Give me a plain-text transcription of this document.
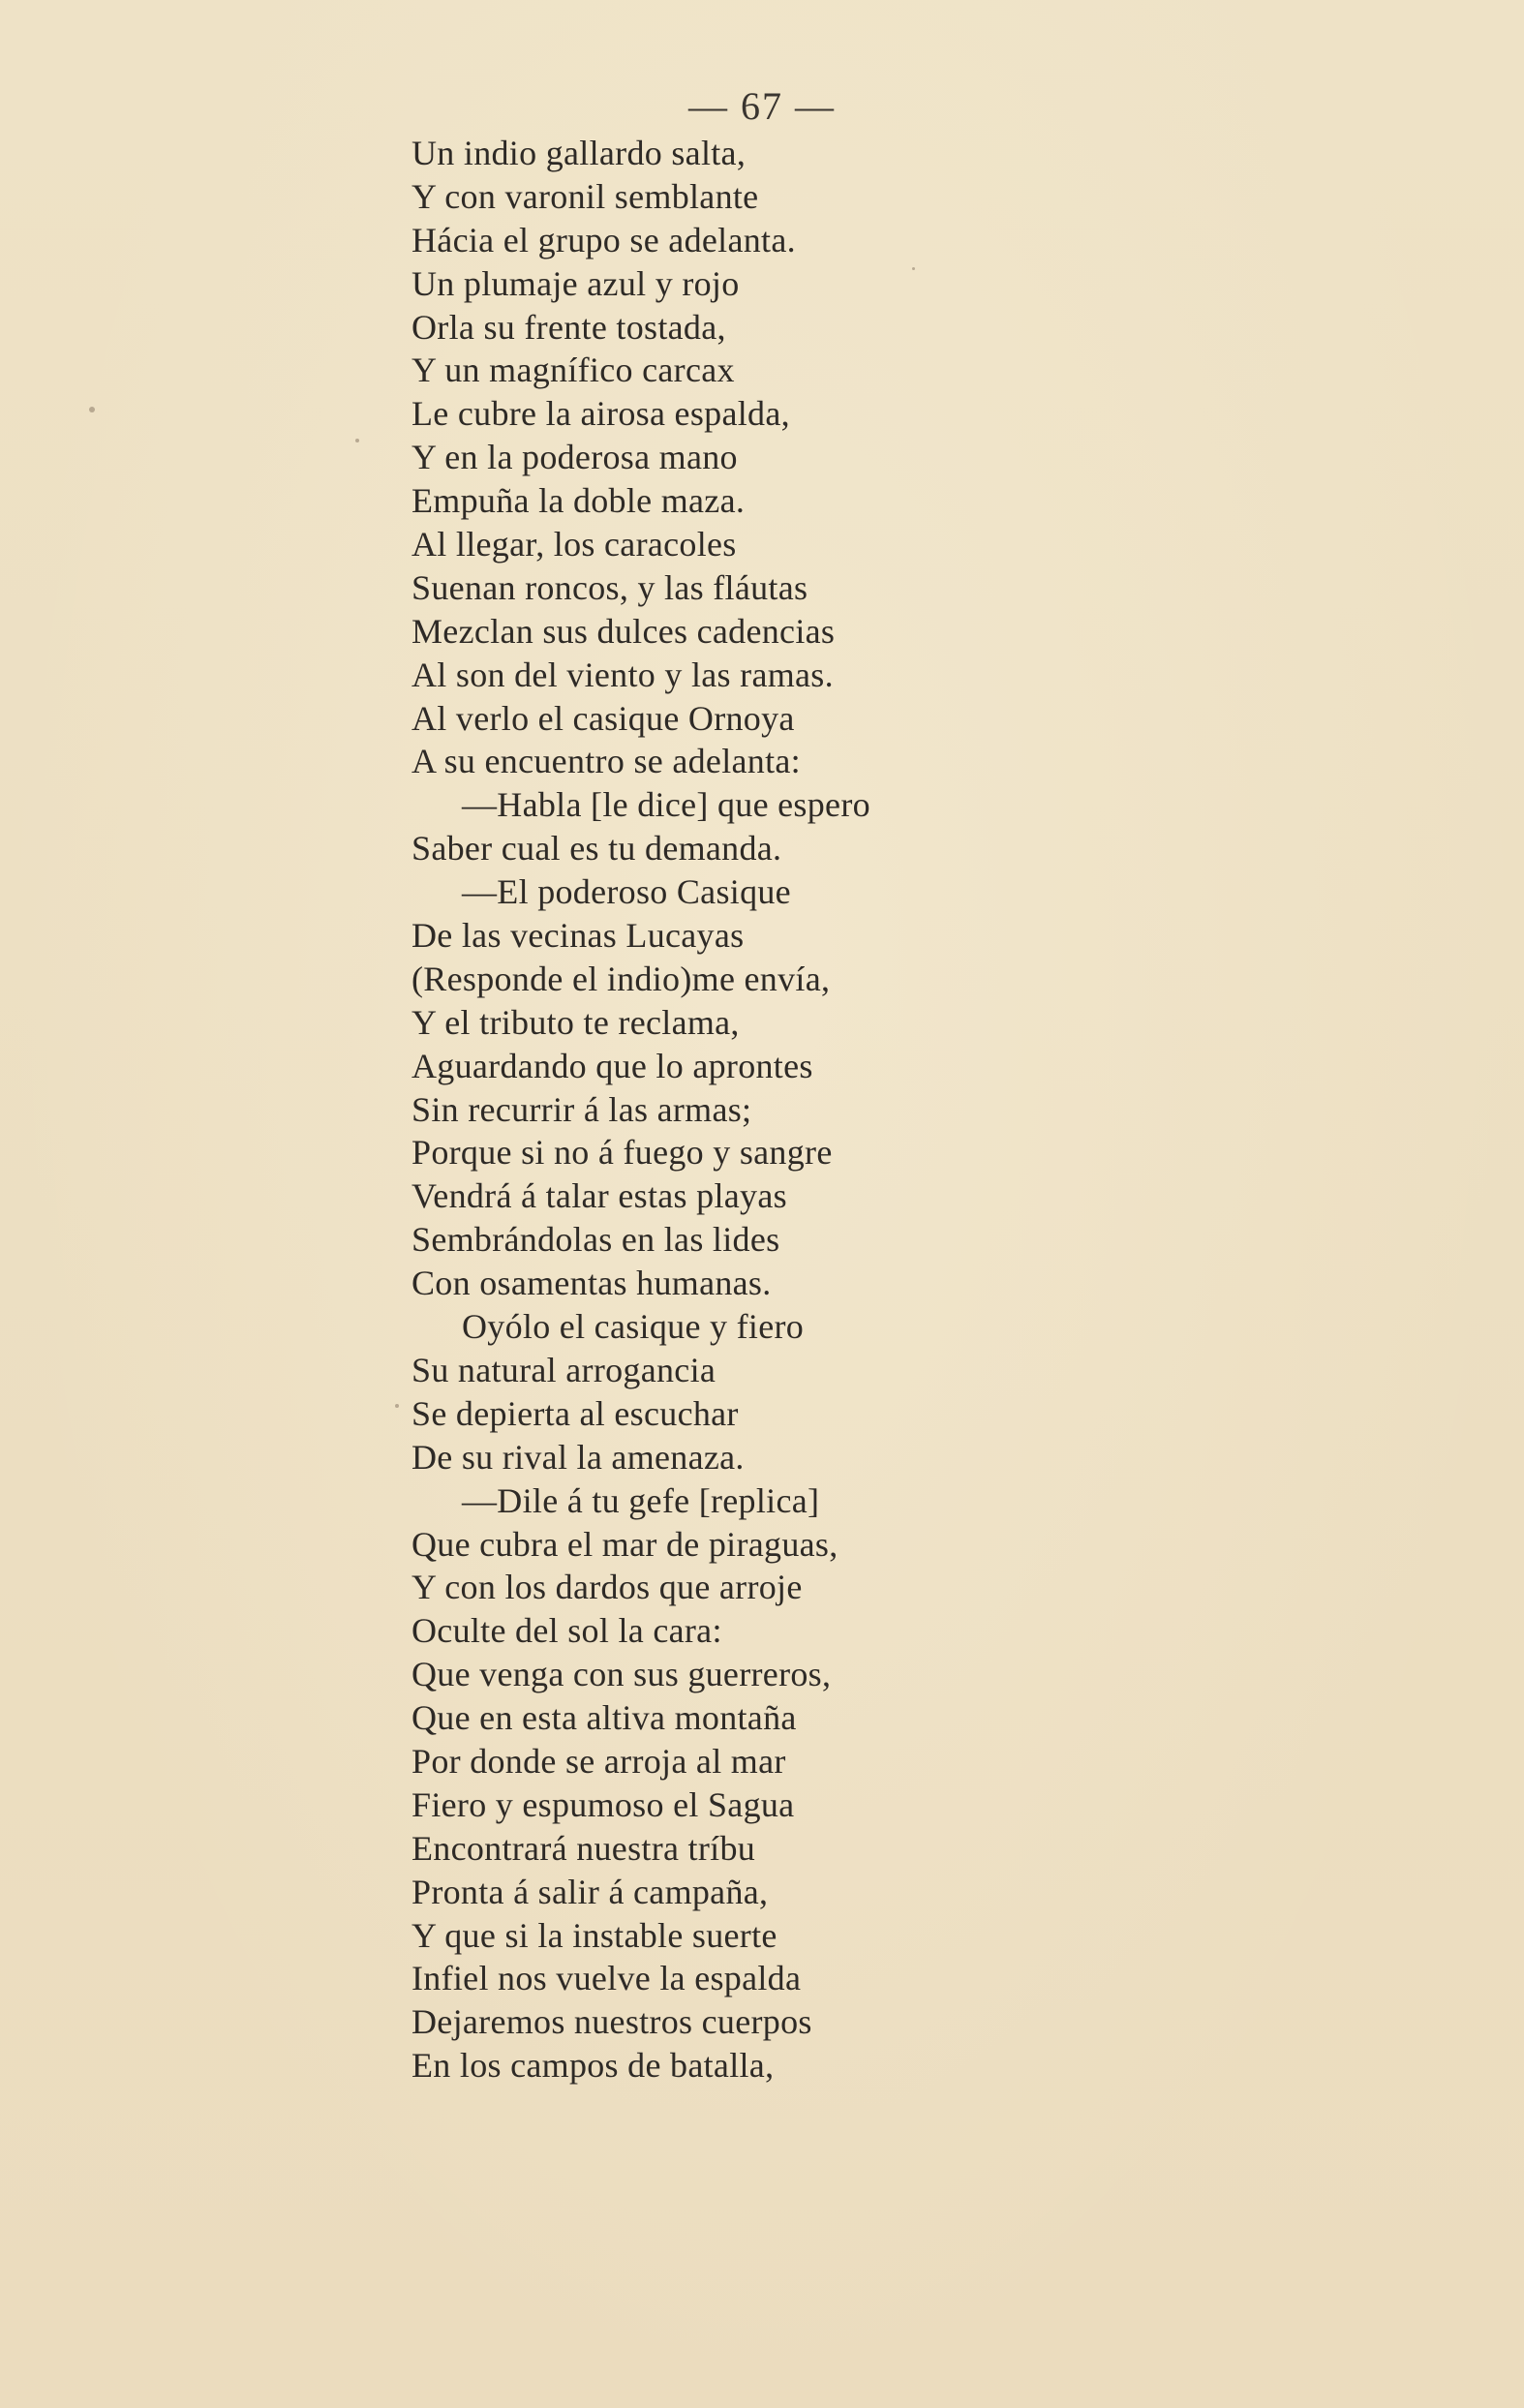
— 67 —
Un indio gallardo salta,
Y con varonil semblante
Hácia el grupo se adelanta.
Un plumaje azul y rojo
Orla su frente tostada,
Y un magnífico carcax
Le cubre la airosa espalda,
Y en la poderosa mano
Empuña la doble maza.
Al llegar, los caracoles
Suenan roncos, y las fláutas
Mezclan sus dulces cadencias
Al son del viento y las ramas.
Al verlo el casique Ornoya
A su encuentro se adelanta:
—Habla [le dice] que espero
Saber cual es tu demanda.
—El poderoso Casique
De las vecinas Lucayas
(Responde el indio)me envía,
Y el tributo te reclama,
Aguardando que lo aprontes
Sin recurrir á las armas;
Porque si no á fuego y sangre
Vendrá á talar estas playas
Sembrándolas en las lides
Con osamentas humanas.
Oyólo el casique y fiero
Su natural arrogancia
Se depierta al escuchar
De su rival la amenaza.
—Dile á tu gefe [replica]
Que cubra el mar de piraguas,
Y con los dardos que arroje
Oculte del sol la cara:
Que venga con sus guerreros,
Que en esta altiva montaña
Por donde se arroja al mar
Fiero y espumoso el Sagua
Encontrará nuestra tríbu
Pronta á salir á campaña,
Y que si la instable suerte
Infiel nos vuelve la espalda
Dejaremos nuestros cuerpos
En los campos de batalla,
